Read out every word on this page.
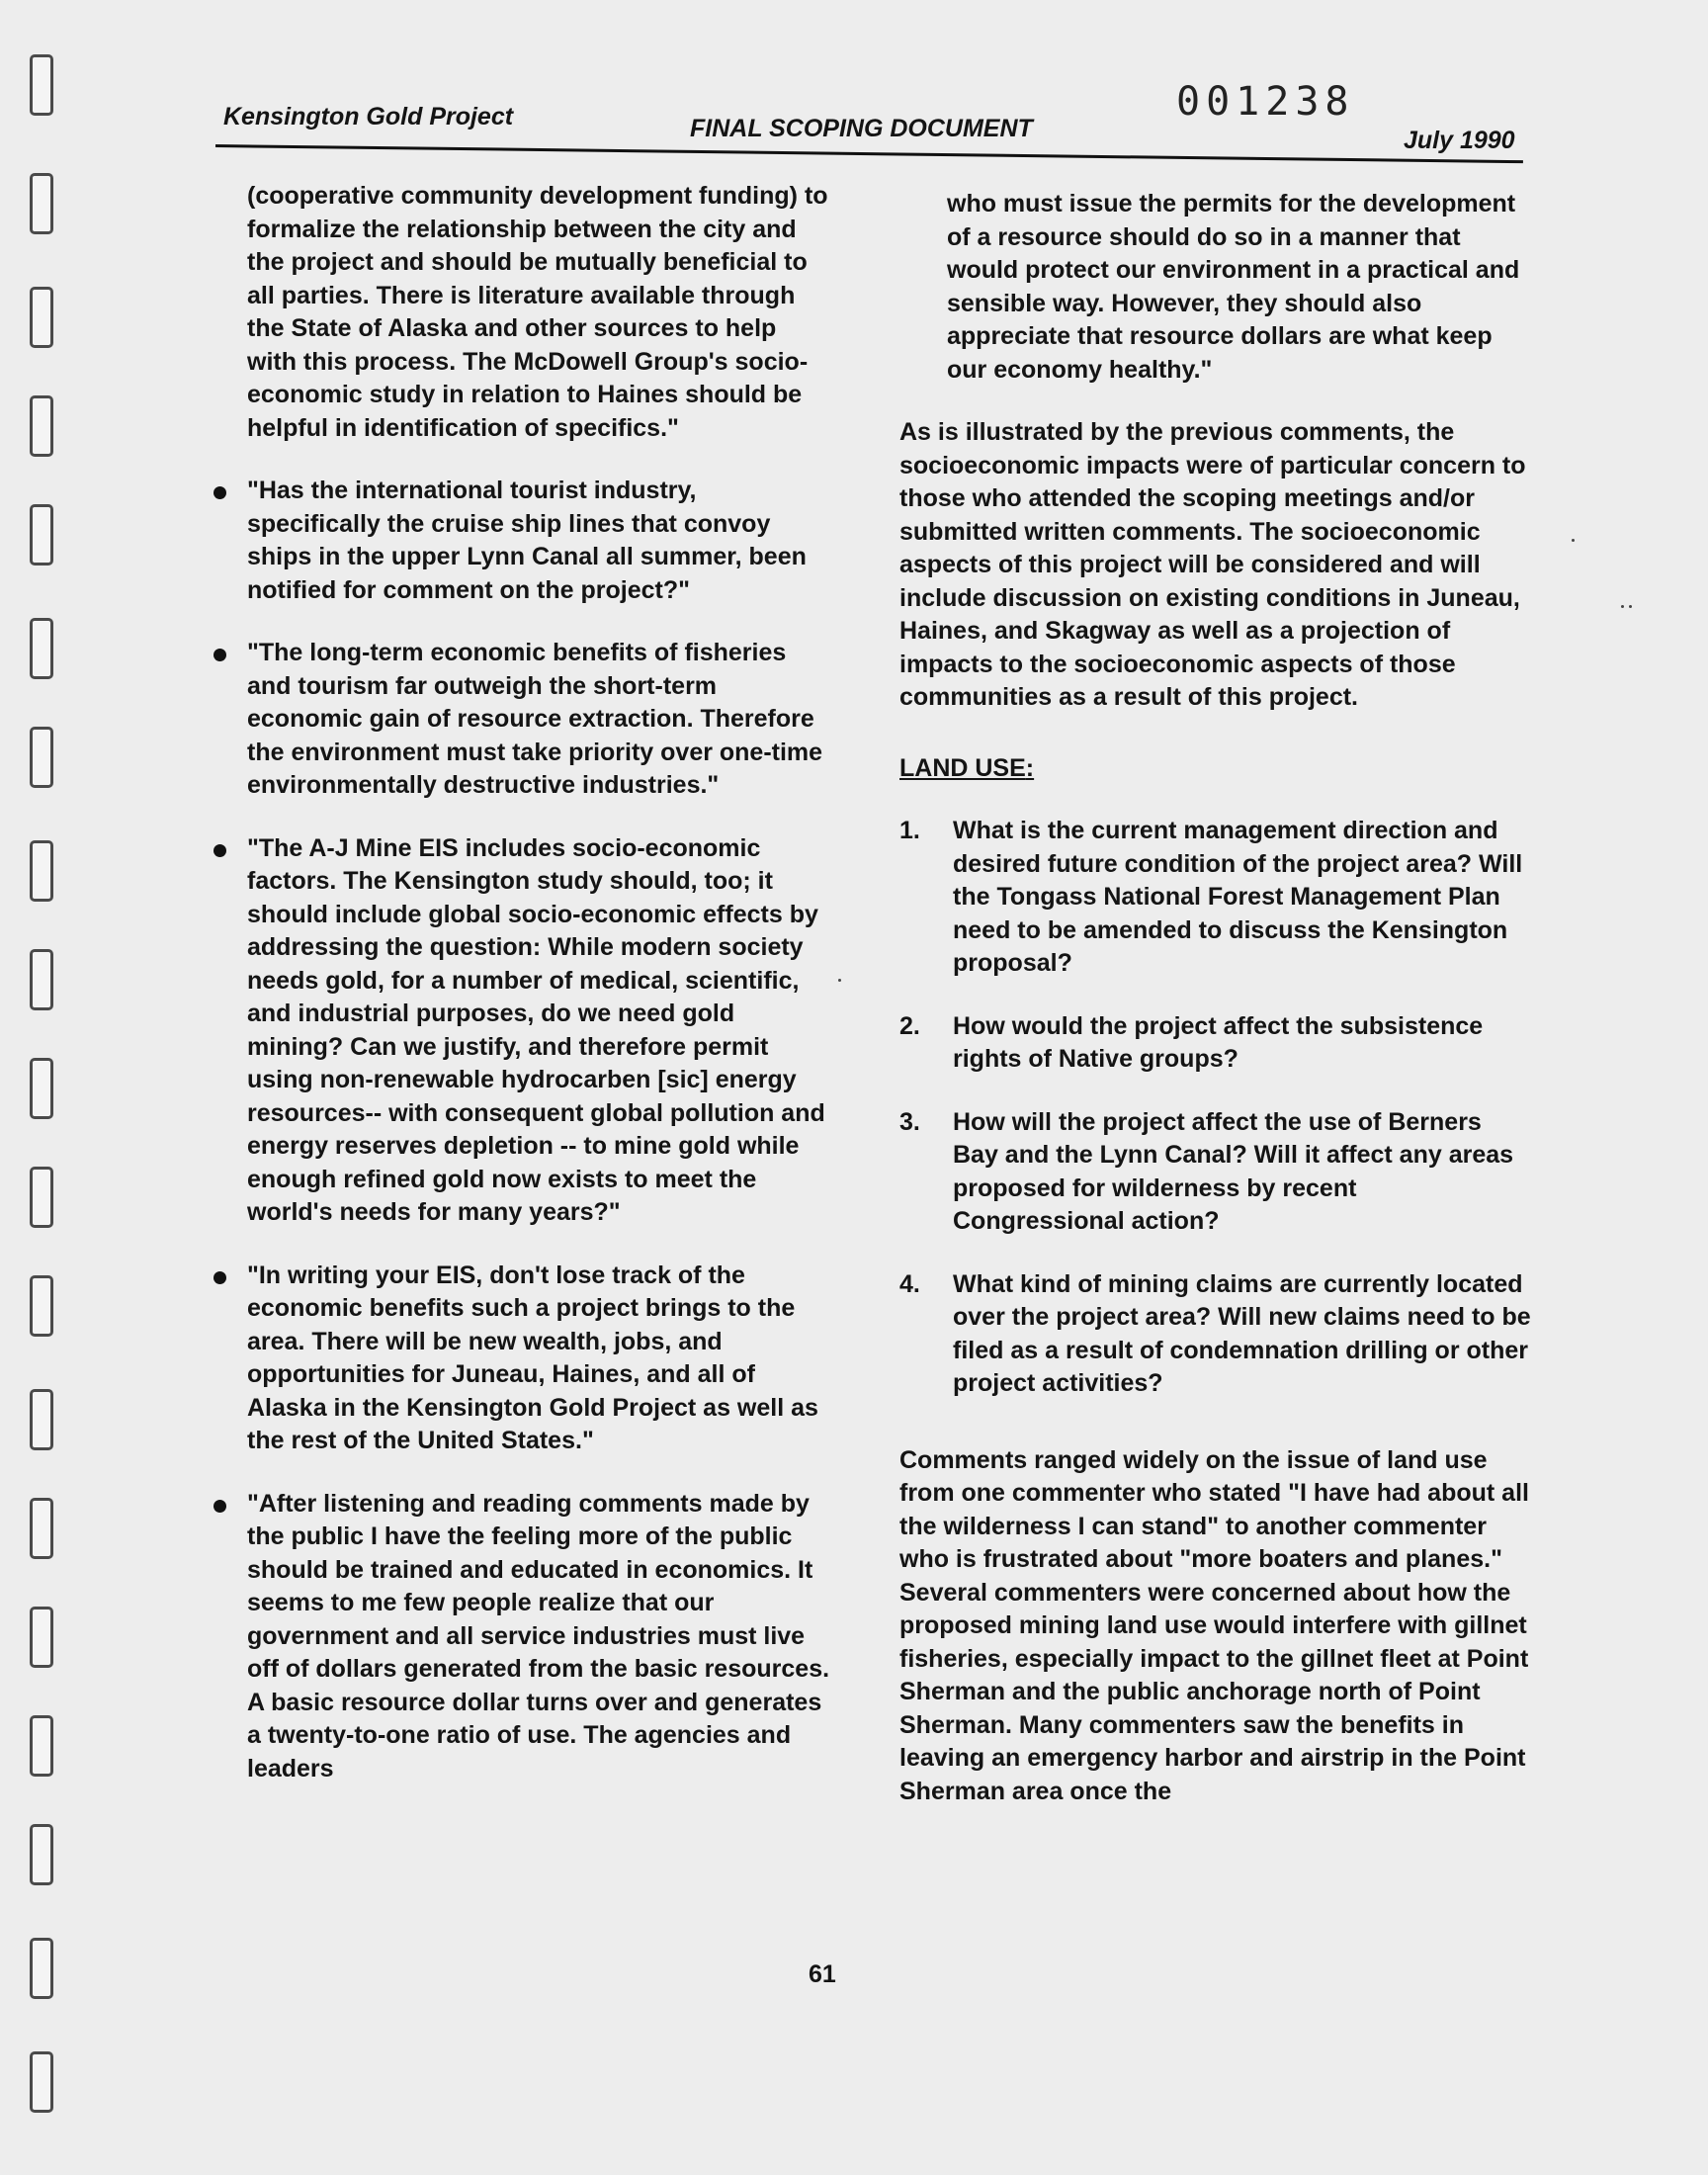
001238
Kensington Gold Project	FINAL SCOPING DOCUMENT	July 1990

(cooperative community development funding) to formalize the relationship between the city and the project and should be mutually beneficial to all parties. There is literature available through the State of Alaska and other sources to help with this process. The McDowell Group's socio-economic study in relation to Haines should be helpful in identification of specifics."

"Has the international tourist industry, specifically the cruise ship lines that convoy ships in the upper Lynn Canal all summer, been notified for comment on the project?"

"The long-term economic benefits of fisheries and tourism far outweigh the short-term economic gain of resource extraction. Therefore the environment must take priority over one-time environmentally destructive industries."

"The A-J Mine EIS includes socio-economic factors. The Kensington study should, too; it should include global socio-economic effects by addressing the question: While modern society needs gold, for a number of medical, scientific, and industrial purposes, do we need gold mining? Can we justify, and therefore permit using non-renewable hydrocarben [sic] energy resources-- with consequent global pollution and energy reserves depletion -- to mine gold while enough refined gold now exists to meet the world's needs for many years?"

"In writing your EIS, don't lose track of the economic benefits such a project brings to the area. There will be new wealth, jobs, and opportunities for Juneau, Haines, and all of Alaska in the Kensington Gold Project as well as the rest of the United States."

"After listening and reading comments made by the public I have the feeling more of the public should be trained and educated in economics. It seems to me few people realize that our government and all service industries must live off of dollars generated from the basic resources. A basic resource dollar turns over and generates a twenty-to-one ratio of use. The agencies and leaders

who must issue the permits for the development of a resource should do so in a manner that would protect our environment in a practical and sensible way. However, they should also appreciate that resource dollars are what keep our economy healthy."

As is illustrated by the previous comments, the socioeconomic impacts were of particular concern to those who attended the scoping meetings and/or submitted written comments. The socioeconomic aspects of this project will be considered and will include discussion on existing conditions in Juneau, Haines, and Skagway as well as a projection of impacts to the socioeconomic aspects of those communities as a result of this project.

LAND USE:

1. What is the current management direction and desired future condition of the project area? Will the Tongass National Forest Management Plan need to be amended to discuss the Kensington proposal?

2. How would the project affect the subsistence rights of Native groups?

3. How will the project affect the use of Berners Bay and the Lynn Canal? Will it affect any areas proposed for wilderness by recent Congressional action?

4. What kind of mining claims are currently located over the project area? Will new claims need to be filed as a result of condemnation drilling or other project activities?

Comments ranged widely on the issue of land use from one commenter who stated "I have had about all the wilderness I can stand" to another commenter who is frustrated about "more boaters and planes." Several commenters were concerned about how the proposed mining land use would interfere with gillnet fisheries, especially impact to the gillnet fleet at Point Sherman and the public anchorage north of Point Sherman. Many commenters saw the benefits in leaving an emergency harbor and airstrip in the Point Sherman area once the

61
